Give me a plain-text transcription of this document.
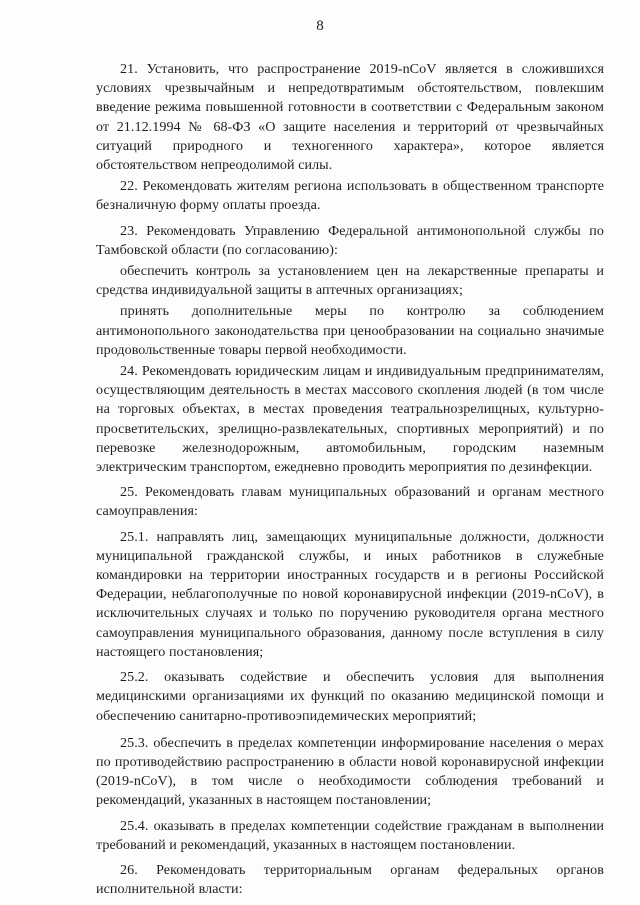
8

21. Установить, что распространение 2019-nCoV является в сложившихся условиях чрезвычайным и непредотвратимым обстоятельством, повлекшим введение режима повышенной готовности в соответствии с Федеральным законом от 21.12.1994 № 68-ФЗ «О защите населения и территорий от чрезвычайных ситуаций природного и техногенного характера», которое является обстоятельством непреодолимой силы.

22. Рекомендовать жителям региона использовать в общественном транспорте безналичную форму оплаты проезда.

23. Рекомендовать Управлению Федеральной антимонопольной службы по Тамбовской области (по согласованию):

обеспечить контроль за установлением цен на лекарственные препараты и средства индивидуальной защиты в аптечных организациях;

принять дополнительные меры по контролю за соблюдением антимонопольного законодательства при ценообразовании на социально значимые продовольственные товары первой необходимости.

24. Рекомендовать юридическим лицам и индивидуальным предпринимателям, осуществляющим деятельность в местах массового скопления людей (в том числе на торговых объектах, в местах проведения театральнозрелищных, культурно-просветительских, зрелищно-развлекательных, спортивных мероприятий) и по перевозке железнодорожным, автомобильным, городским наземным электрическим транспортом, ежедневно проводить мероприятия по дезинфекции.

25. Рекомендовать главам муниципальных образований и органам местного самоуправления:

25.1. направлять лиц, замещающих муниципальные должности, должности муниципальной гражданской службы, и иных работников в служебные командировки на территории иностранных государств и в регионы Российской Федерации, неблагополучные по новой коронавирусной инфекции (2019-nCoV), в исключительных случаях и только по поручению руководителя органа местного самоуправления муниципального образования, данному после вступления в силу настоящего постановления;

25.2. оказывать содействие и обеспечить условия для выполнения медицинскими организациями их функций по оказанию медицинской помощи и обеспечению санитарно-противоэпидемических мероприятий;

25.3. обеспечить в пределах компетенции информирование населения о мерах по противодействию распространению в области новой коронавирусной инфекции (2019-nCoV), в том числе о необходимости соблюдения требований и рекомендаций, указанных в настоящем постановлении;

25.4. оказывать в пределах компетенции содействие гражданам в выполнении требований и рекомендаций, указанных в настоящем постановлении.

26. Рекомендовать территориальным органам федеральных органов исполнительной власти:
